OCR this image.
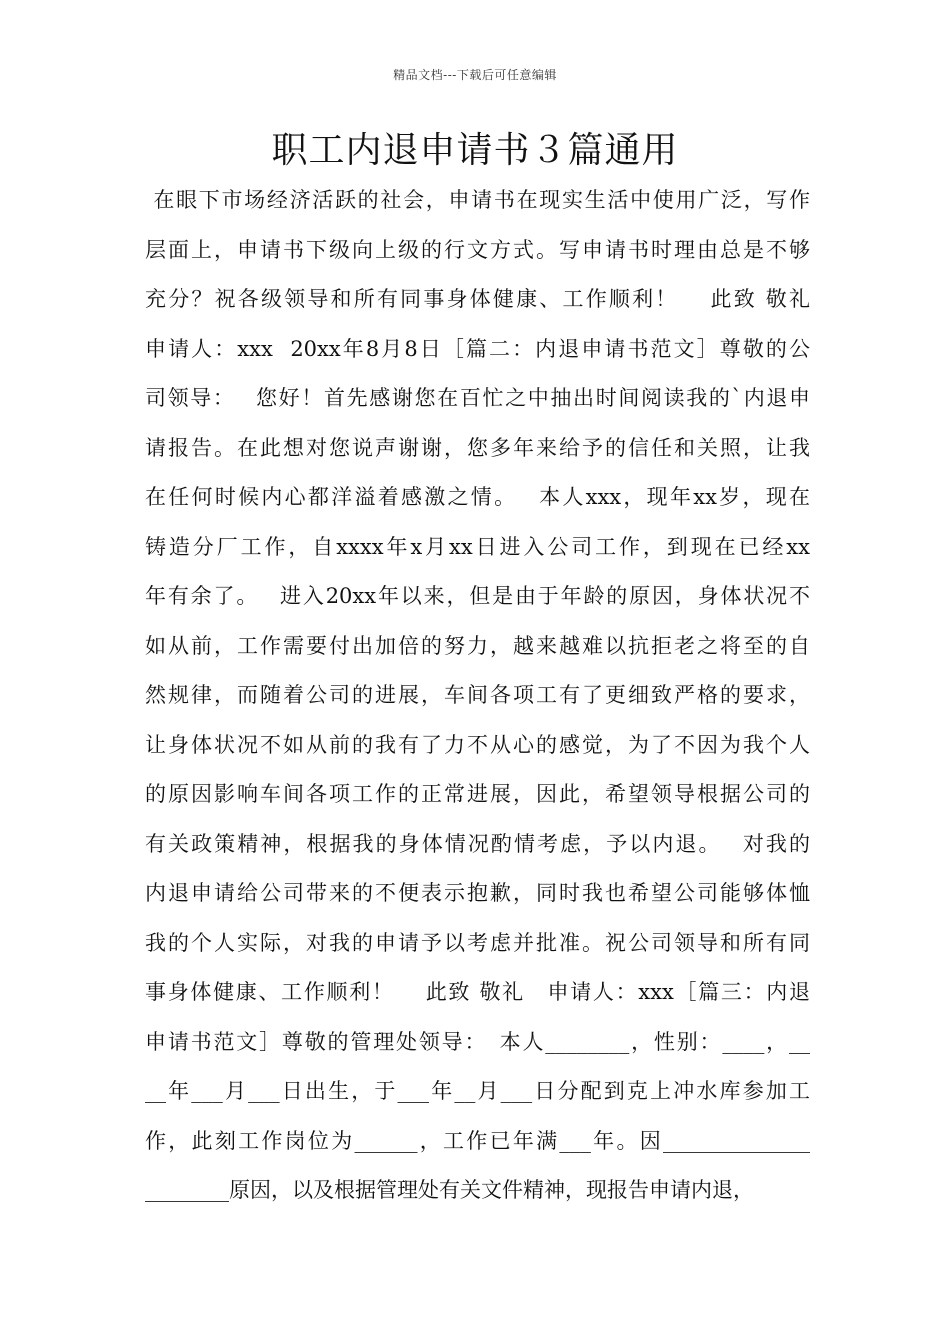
精品文档---下载后可任意编辑
职工内退申请书３篇通用
在眼下市场经济活跃的社会，申请书在现实生活中使用广泛，写作
层面上，申请书下级向上级的行文方式。写申请书时理由总是不够
充分？祝各级领导和所有同事身体健康、工作顺利！　 此致 敬礼
申请人：xxx  20xx年8月8日［篇二：内退申请书范文］尊敬的公
司领导：　 您好！首先感谢您在百忙之中抽出时间阅读我的`内退申
请报告。在此想对您说声谢谢，您多年来给予的信任和关照，让我
在任何时候内心都洋溢着感激之情。　 本人xxx，现年xx岁，现在
铸造分厂工作，自xxxx年x月xx日进入公司工作，到现在已经xx
年有余了。　 进入20xx年以来，但是由于年龄的原因，身体状况不
如从前，工作需要付出加倍的努力，越来越难以抗拒老之将至的自
然规律，而随着公司的进展，车间各项工有了更细致严格的要求，
让身体状况不如从前的我有了力不从心的感觉，为了不因为我个人
的原因影响车间各项工作的正常进展，因此，希望领导根据公司的
有关政策精神，根据我的身体情况酌情考虑，予以内退。　 对我的
内退申请给公司带来的不便表示抱歉，同时我也希望公司能够体恤
我的个人实际，对我的申请予以考虑并批准。祝公司领导和所有同
事身体健康、工作顺利！　 此致 敬礼　申请人：xxx［篇三：内退
申请书范文］尊敬的管理处领导：　本人________，性别：____，__
__年___月___日出生，于___年__月___日分配到克上冲水库参加工
作，此刻工作岗位为______，工作已年满___年。因______________
________原因，以及根据管理处有关文件精神，现报告申请内退，
